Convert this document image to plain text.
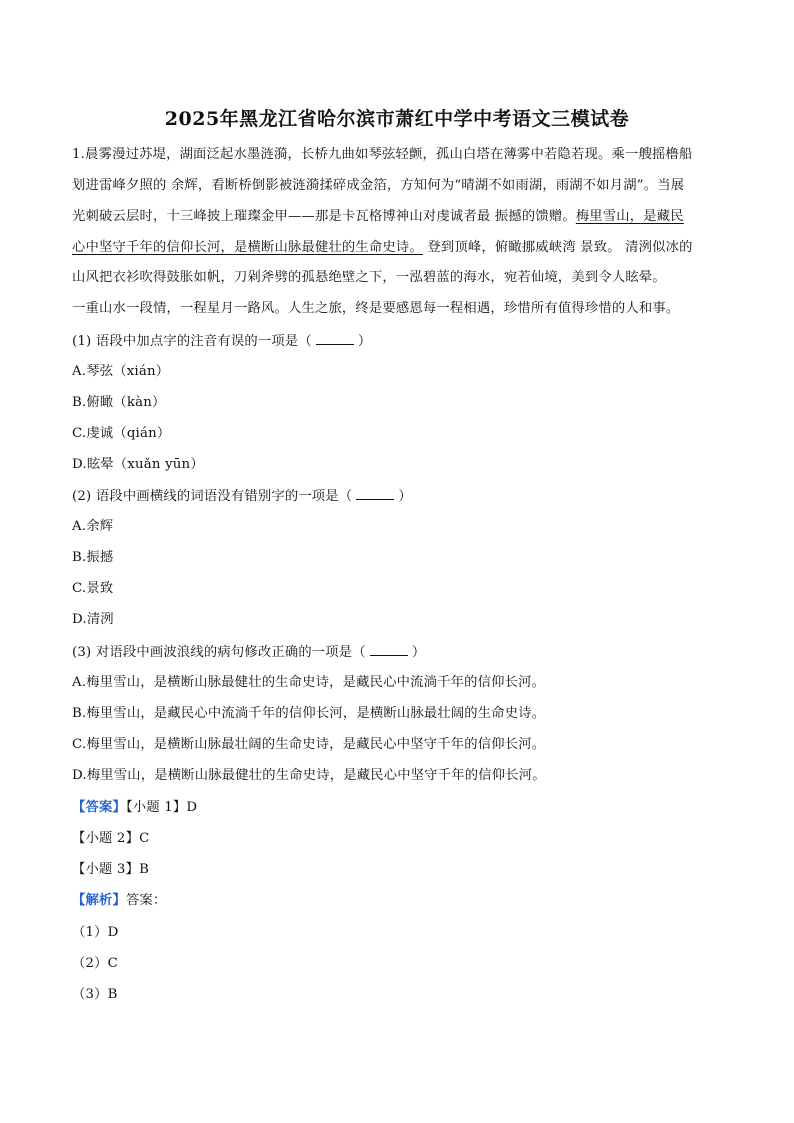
2025年黑龙江省哈尔滨市萧红中学中考语文三模试卷
1.晨雾漫过苏堤，湖面泛起水墨涟漪，长桥九曲如琴弦轻颤，孤山白塔在薄雾中若隐若现。乘一艘摇橹船
划进雷峰夕照的 余辉，看断桥倒影被涟漪揉碎成金箔，方知何为“晴湖不如雨湖，雨湖不如月湖”。当展
光刺破云层时，十三峰披上璀璨金甲——那是卡瓦格博神山对虔诚者最 振撼的馈赠。梅里雪山，是藏民
心中坚守千年的信仰长河，是横断山脉最健壮的生命史诗。 登到顶峰，俯瞰挪威峡湾 景致。 清洌似冰的
山风把衣衫吹得鼓胀如帆，刀剁斧劈的孤悬绝壁之下，一泓碧蓝的海水，宛若仙境，美到令人眩晕。
一重山水一段情，一程星月一路风。人生之旅，终是要感恩每一程相遇，珍惜所有值得珍惜的人和事。
(1) 语段中加点字的注音有误的一项是（	）
A.琴弦（xián）
B.俯瞰（kàn）
C.虔诚（qián）
D.眩晕（xuǎn yūn）
(2) 语段中画横线的词语没有错别字的一项是（	）
A.余辉
B.振撼
C.景致
D.清洌
(3) 对语段中画波浪线的病句修改正确的一项是（	）
A.梅里雪山，是横断山脉最健壮的生命史诗，是藏民心中流淌千年的信仰长河。
B.梅里雪山，是藏民心中流淌千年的信仰长河，是横断山脉最壮阔的生命史诗。
C.梅里雪山，是横断山脉最壮阔的生命史诗，是藏民心中坚守千年的信仰长河。
D.梅里雪山，是横断山脉最健壮的生命史诗，是藏民心中坚守千年的信仰长河。
【答案】【小题 1】D
【小题 2】C
【小题 3】B
【解析】答案：
（1）D
（2）C
（3）B
